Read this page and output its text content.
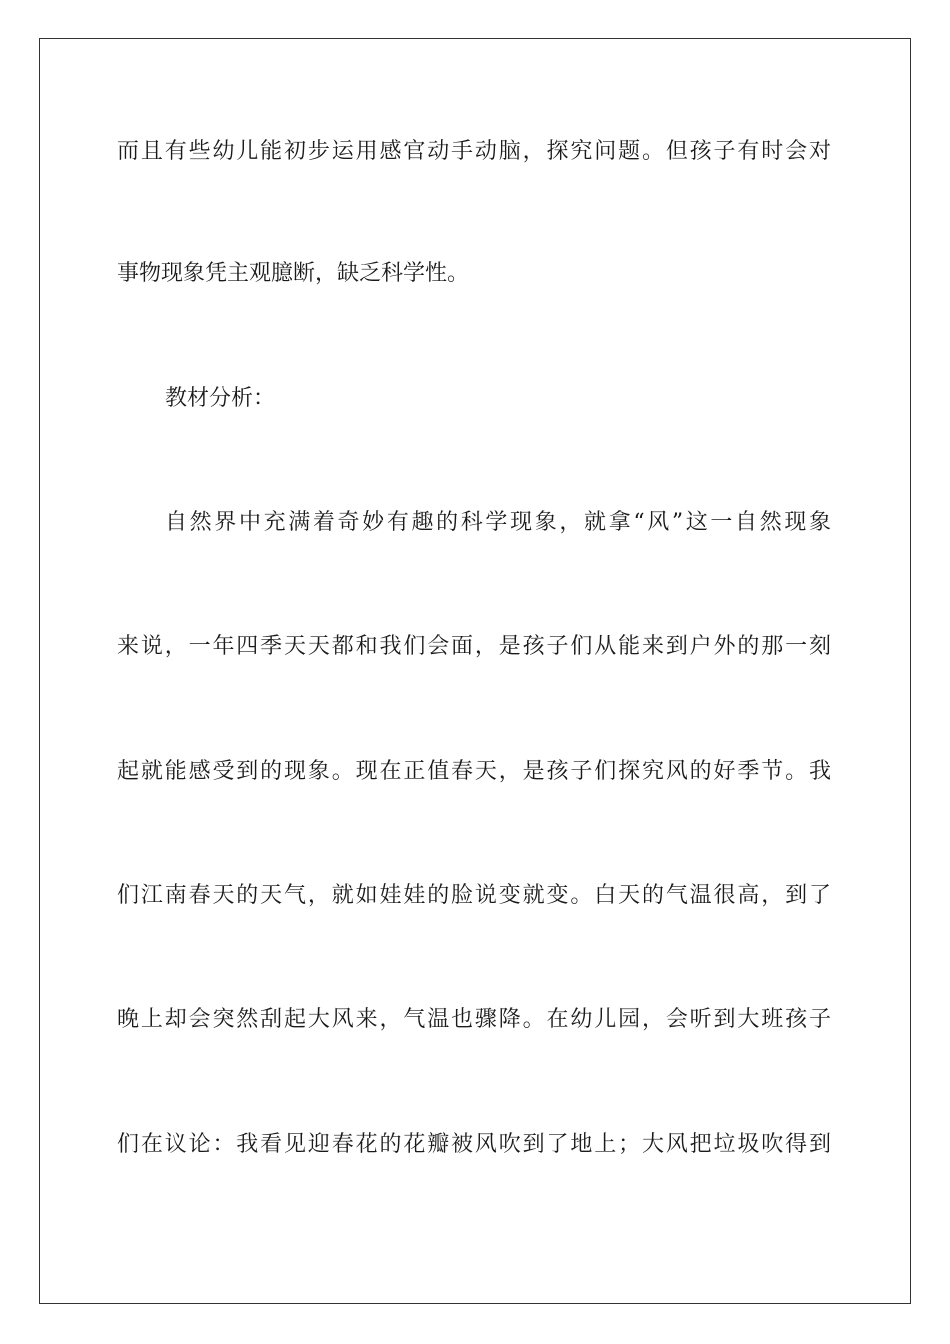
而且有些幼儿能初步运用感官动手动脑，探究问题。但孩子有时会对
事物现象凭主观臆断，缺乏科学性。
教材分析：
自然界中充满着奇妙有趣的科学现象，就拿“风”这一自然现象
来说，一年四季天天都和我们会面，是孩子们从能来到户外的那一刻
起就能感受到的现象。现在正值春天，是孩子们探究风的好季节。我
们江南春天的天气，就如娃娃的脸说变就变。白天的气温很高，到了
晚上却会突然刮起大风来，气温也骤降。在幼儿园，会听到大班孩子
们在议论：我看见迎春花的花瓣被风吹到了地上；大风把垃圾吹得到
